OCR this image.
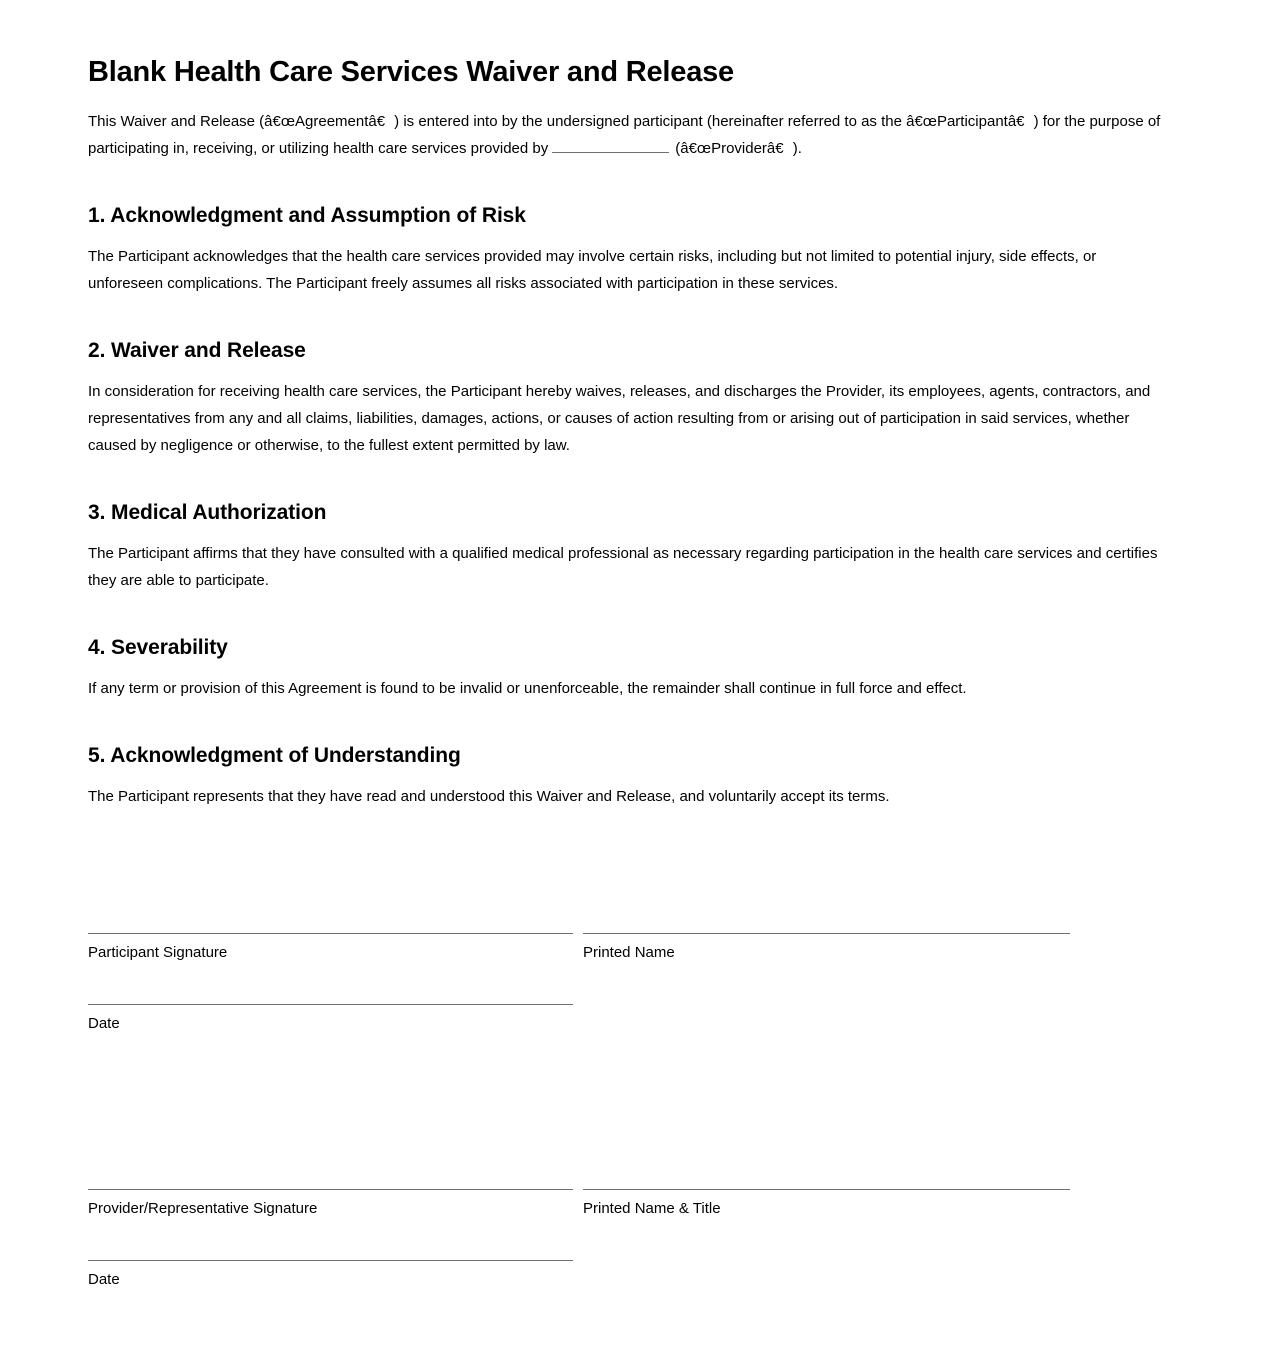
Blank Health Care Services Waiver and Release

This Waiver and Release (â€œAgreementâ€) is entered into by the undersigned participant (hereinafter referred to as the â€œParticipantâ€) for the purpose of participating in, receiving, or utilizing health care services provided by	(â€œProviderâ€).

1. Acknowledgment and Assumption of Risk

The Participant acknowledges that the health care services provided may involve certain risks, including but not limited to potential injury, side effects, or unforeseen complications. The Participant freely assumes all risks associated with participation in these services.

2. Waiver and Release

In consideration for receiving health care services, the Participant hereby waives, releases, and discharges the Provider, its employees, agents, contractors, and representatives from any and all claims, liabilities, damages, actions, or causes of action resulting from or arising out of participation in said services, whether caused by negligence or otherwise, to the fullest extent permitted by law.

3. Medical Authorization

The Participant affirms that they have consulted with a qualified medical professional as necessary regarding participation in the health care services and certifies they are able to participate.

4. Severability

If any term or provision of this Agreement is found to be invalid or unenforceable, the remainder shall continue in full force and effect.

5. Acknowledgment of Understanding

The Participant represents that they have read and understood this Waiver and Release, and voluntarily accept its terms.

Participant Signature	Printed Name
Date
Provider/Representative Signature	Printed Name & Title
Date
